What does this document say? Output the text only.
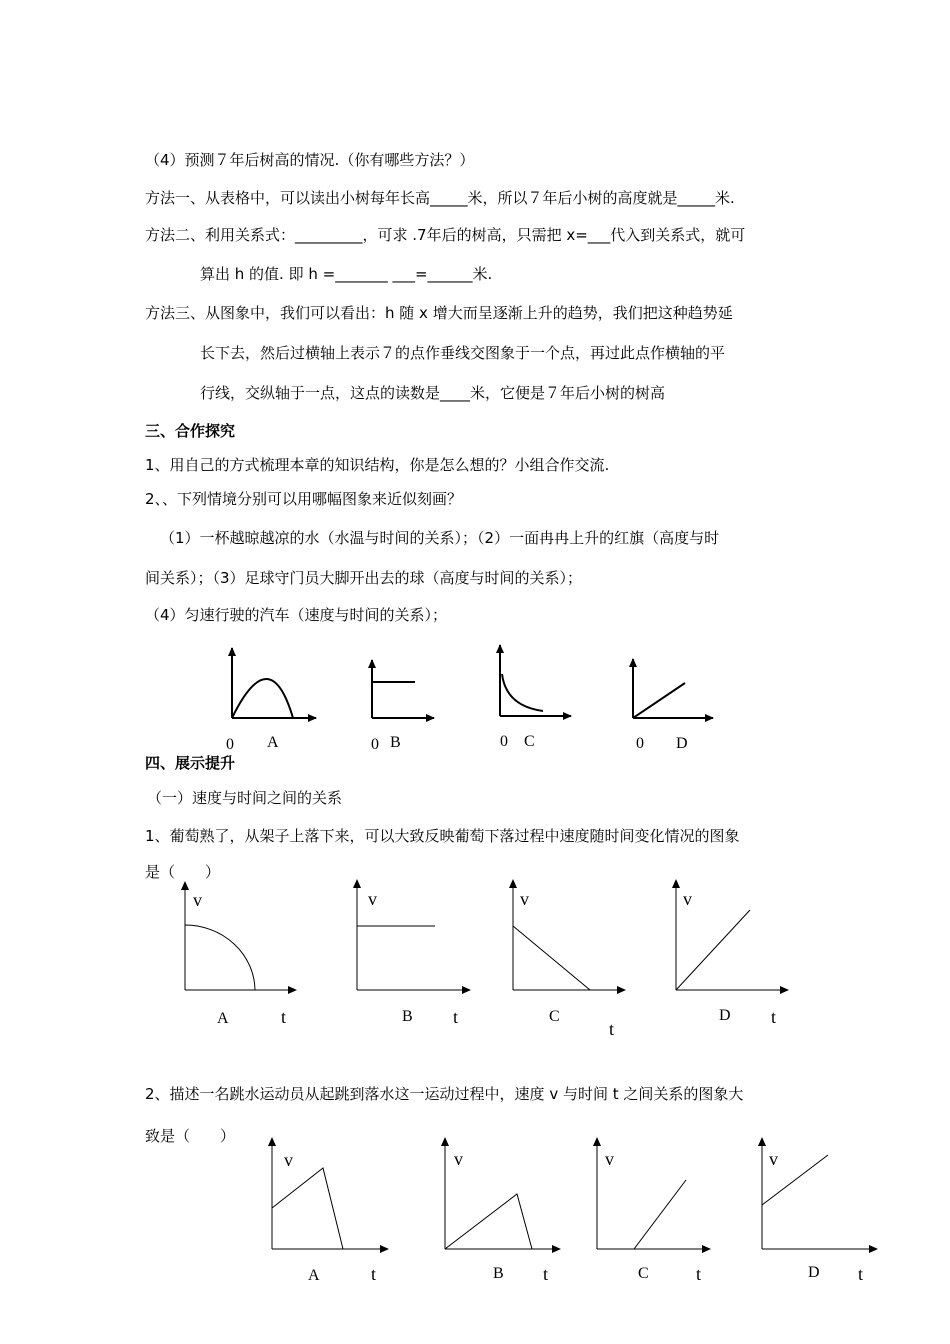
（4）预测７年后树高的情况.（你有哪些方法？）
方法一、从表格中，可以读出小树每年长高_____米，所以７年后小树的高度就是_____米.
方法二、利用关系式：_________，可求 .7年后的树高，只需把 x=___代入到关系式，就可
算出 h 的值. 即 h =_______ ___=______米.
方法三、从图象中，我们可以看出：h 随 x 增大而呈逐渐上升的趋势，我们把这种趋势延
长下去，然后过横轴上表示７的点作垂线交图象于一个点，再过此点作横轴的平
行线，交纵轴于一点，这点的读数是____米，它便是７年后小树的树高
三、合作探究
1、用自己的方式梳理本章的知识结构，你是怎么想的？小组合作交流.
2、、下列情境分别可以用哪幅图象来近似刻画？
（1）一杯越晾越凉的水（水温与时间的关系）；（2）一面冉冉上升的红旗（高度与时
间关系）；（3）足球守门员大脚开出去的球（高度与时间的关系）；
（4）匀速行驶的汽车（速度与时间的关系）；
0 A	0 B	0 C	0 D
四、展示提升
（一）速度与时间之间的关系
1、葡萄熟了，从架子上落下来，可以大致反映葡萄下落过程中速度随时间变化情况的图象
是（　　）
v
A	t
v
B t
v
C
t
v
D t
2、描述一名跳水运动员从起跳到落水这一运动过程中，速度 v 与时间 t 之间关系的图象大
致是（　　）
v
A	t
v
B t
v
C	t
v
D t
